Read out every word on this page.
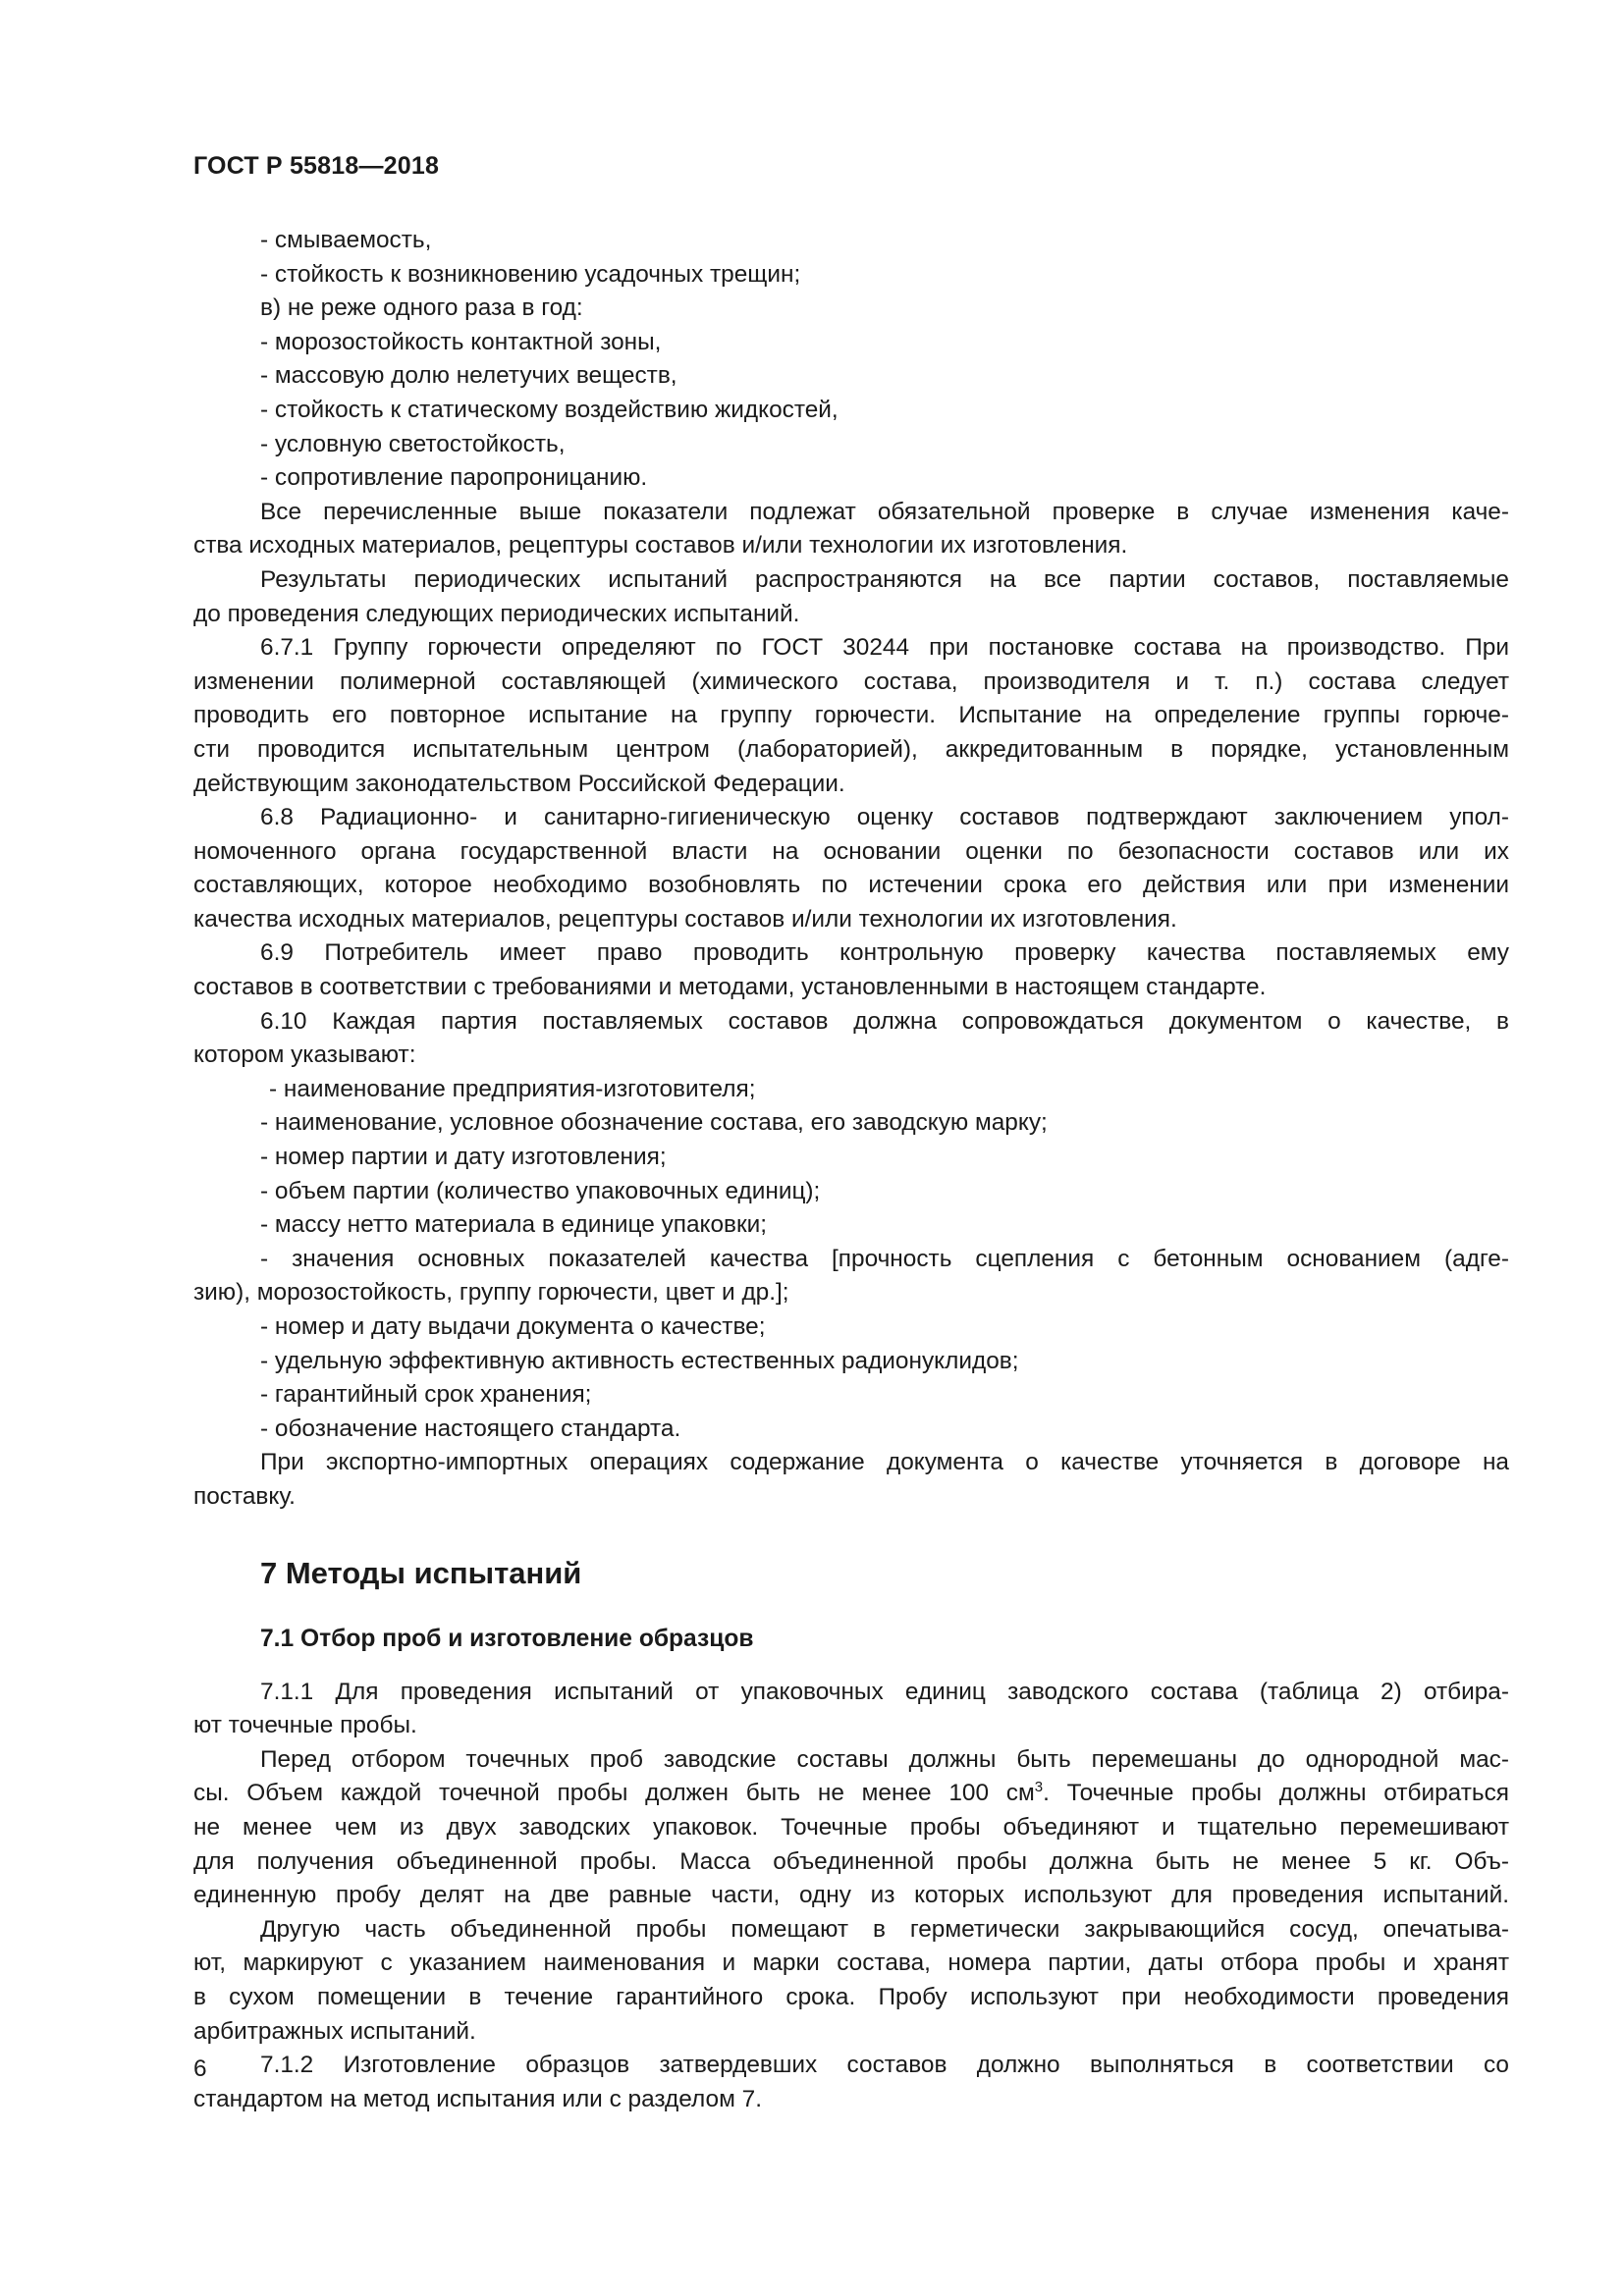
ГОСТ Р 55818—2018
- смываемость,
- стойкость к возникновению усадочных трещин;
в) не реже одного раза в год:
- морозостойкость контактной зоны,
- массовую долю нелетучих веществ,
- стойкость к статическому воздействию жидкостей,
- условную светостойкость,
- сопротивление паропроницанию.
Все перечисленные выше показатели подлежат обязательной проверке в случае изменения каче-
ства исходных материалов, рецептуры составов и/или технологии их изготовления.
Результаты периодических испытаний распространяются на все партии составов, поставляемые
до проведения следующих периодических испытаний.
6.7.1 Группу горючести определяют по ГОСТ 30244 при постановке состава на производство. При
изменении полимерной составляющей (химического состава, производителя и т. п.) состава следует
проводить его повторное испытание на группу горючести. Испытание на определение группы горюче-
сти проводится испытательным центром (лабораторией), аккредитованным в порядке, установленным
действующим законодательством Российской Федерации.
6.8 Радиационно- и санитарно-гигиеническую оценку составов подтверждают заключением упол-
номоченного органа государственной власти на основании оценки по безопасности составов или их
составляющих, которое необходимо возобновлять по истечении срока его действия или при изменении
качества исходных материалов, рецептуры составов и/или технологии их изготовления.
6.9 Потребитель имеет право проводить контрольную проверку качества поставляемых ему
составов в соответствии с требованиями и методами, установленными в настоящем стандарте.
6.10 Каждая партия поставляемых составов должна сопровождаться документом о качестве, в
котором указывают:
- наименование предприятия-изготовителя;
- наименование, условное обозначение состава, его заводскую марку;
- номер партии и дату изготовления;
- объем партии (количество упаковочных единиц);
- массу нетто материала в единице упаковки;
- значения основных показателей качества [прочность сцепления с бетонным основанием (адге-
зию), морозостойкость, группу горючести, цвет и др.];
- номер и дату выдачи документа о качестве;
- удельную эффективную активность естественных радионуклидов;
- гарантийный срок хранения;
- обозначение настоящего стандарта.
При экспортно-импортных операциях содержание документа о качестве уточняется в договоре на
поставку.
7 Методы испытаний
7.1 Отбор проб и изготовление образцов
7.1.1 Для проведения испытаний от упаковочных единиц заводского состава (таблица 2) отбира-
ют точечные пробы.
Перед отбором точечных проб заводские составы должны быть перемешаны до однородной мас-
сы. Объем каждой точечной пробы должен быть не менее 100 $см^3$. Точечные пробы должны отбираться
не менее чем из двух заводских упаковок. Точечные пробы объединяют и тщательно перемешивают
для получения объединенной пробы. Масса объединенной пробы должна быть не менее 5 кг. Объ-
единенную пробу делят на две равные части, одну из которых используют для проведения испытаний.
Другую часть объединенной пробы помещают в герметически закрывающийся сосуд, опечатыва-
ют, маркируют с указанием наименования и марки состава, номера партии, даты отбора пробы и хранят
в сухом помещении в течение гарантийного срока. Пробу используют при необходимости проведения
арбитражных испытаний.
7.1.2 Изготовление образцов затвердевших составов должно выполняться в соответствии со
стандартом на метод испытания или с разделом 7.
6
